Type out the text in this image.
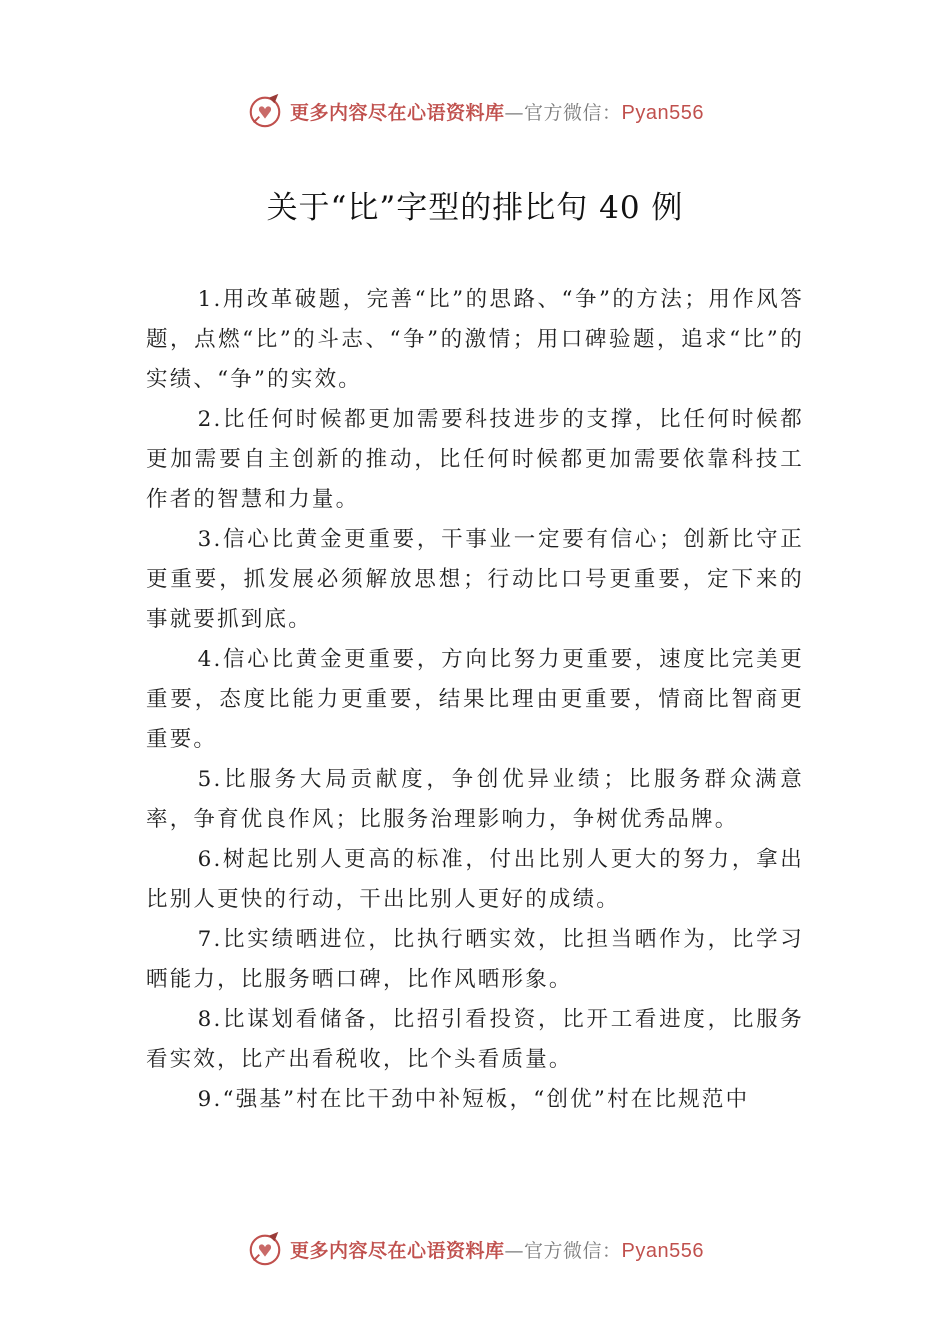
更多内容尽在心语资料库—官方微信：Pyan556
关于“比”字型的排比句 40 例

1.用改革破题，完善“比”的思路、“争”的方法；用作风答题，点燃“比”的斗志、“争”的激情；用口碑验题，追求“比”的实绩、“争”的实效。

2.比任何时候都更加需要科技进步的支撑，比任何时候都更加需要自主创新的推动，比任何时候都更加需要依靠科技工作者的智慧和力量。

3.信心比黄金更重要，干事业一定要有信心；创新比守正更重要，抓发展必须解放思想；行动比口号更重要，定下来的事就要抓到底。

4.信心比黄金更重要，方向比努力更重要，速度比完美更重要，态度比能力更重要，结果比理由更重要，情商比智商更重要。

5.比服务大局贡献度，争创优异业绩；比服务群众满意率，争育优良作风；比服务治理影响力，争树优秀品牌。

6.树起比别人更高的标准，付出比别人更大的努力，拿出比别人更快的行动，干出比别人更好的成绩。

7.比实绩晒进位，比执行晒实效，比担当晒作为，比学习晒能力，比服务晒口碑，比作风晒形象。

8.比谋划看储备，比招引看投资，比开工看进度，比服务看实效，比产出看税收，比个头看质量。

9.“强基”村在比干劲中补短板，“创优”村在比规范中

更多内容尽在心语资料库—官方微信：Pyan556
